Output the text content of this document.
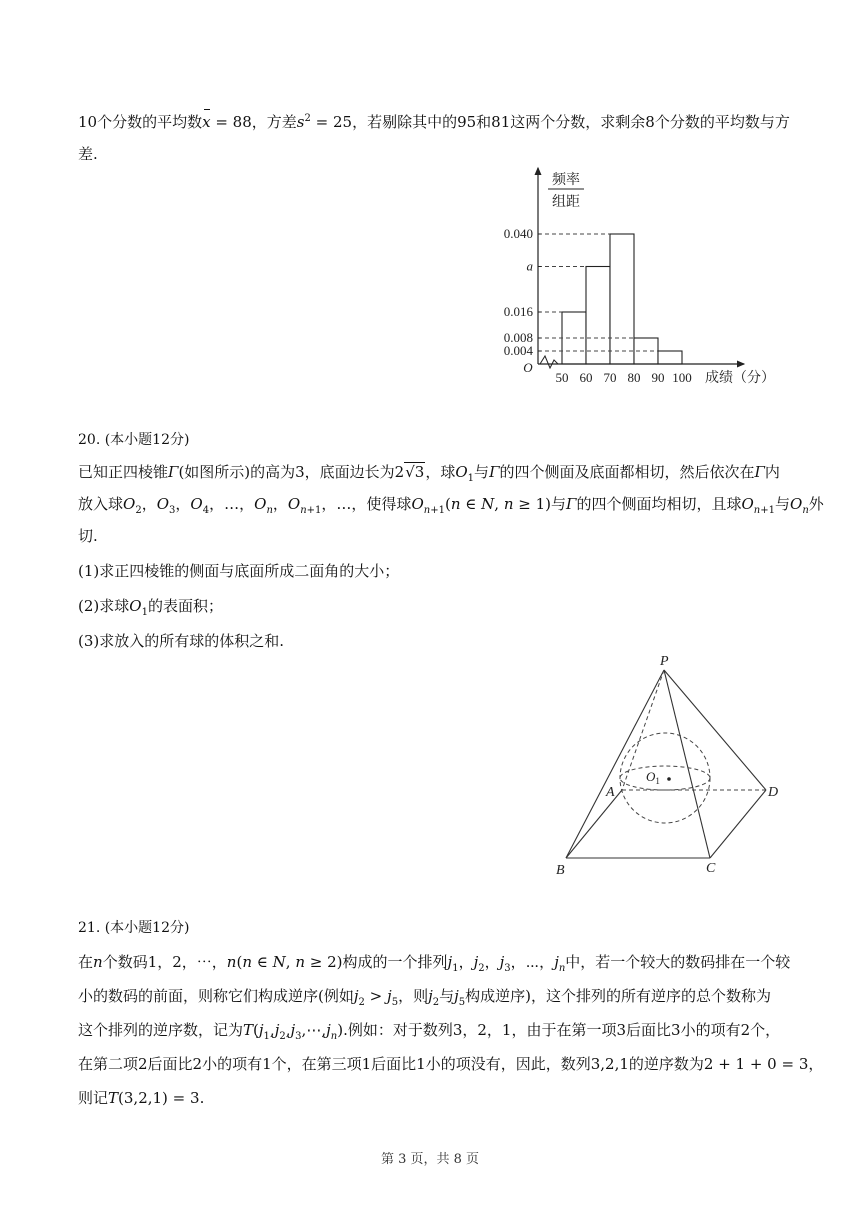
10个分数的平均数x = 88，方差$s^2 = 25$，若剔除其中的95和81这两个分数，求剩余8个分数的平均数与方
差.
0.040
a
0.016
0.008
0.004
50 60 70 80 90 100
频率
组距
成绩（分）
O
20. (本小题12分)
已知正四棱锥Γ(如图所示)的高为3，底面边长为2√3，球$O_1$与Γ的四个侧面及底面都相切，然后依次在Γ内
放入球$O_2$，$O_3$，$O_4$，…，$O_n$，$O_{n+1}$，…，使得球$O_{n+1}(n$ ∈ N, n ≥ 1)与Γ的四个侧面均相切，且球$O_{n+1}$与$O_n$外
切.
(1)求正四棱锥的侧面与底面所成二面角的大小；
(2)求球$O_1$的表面积；
(3)求放入的所有球的体积之和.
P
A
B	C
D
$O_1$
21. (本小题12分)
在n个数码1，2，⋯，n(n ∈ N, n ≥ 2)构成的一个排列$j_1$，$j_2$，$j_3$，⋯，$j_n$中，若一个较大的数码排在一个较
小的数码的前面，则称它们构成逆序(例如$j_2 > j_5$，则$j_2$与$j_5$构成逆序)，这个排列的所有逆序的总个数称为
这个排列的逆序数，记为$T(j_1,j_2,j_3,\cdots,j_n)$.例如：对于数列3，2，1，由于在第一项3后面比3小的项有2个，
在第二项2后面比2小的项有1个，在第三项1后面比1小的项没有，因此，数列3,2,1的逆序数为2 + 1 + 0 = 3，
则记T(3,2,1) = 3.
第 3 页，共 8 页
